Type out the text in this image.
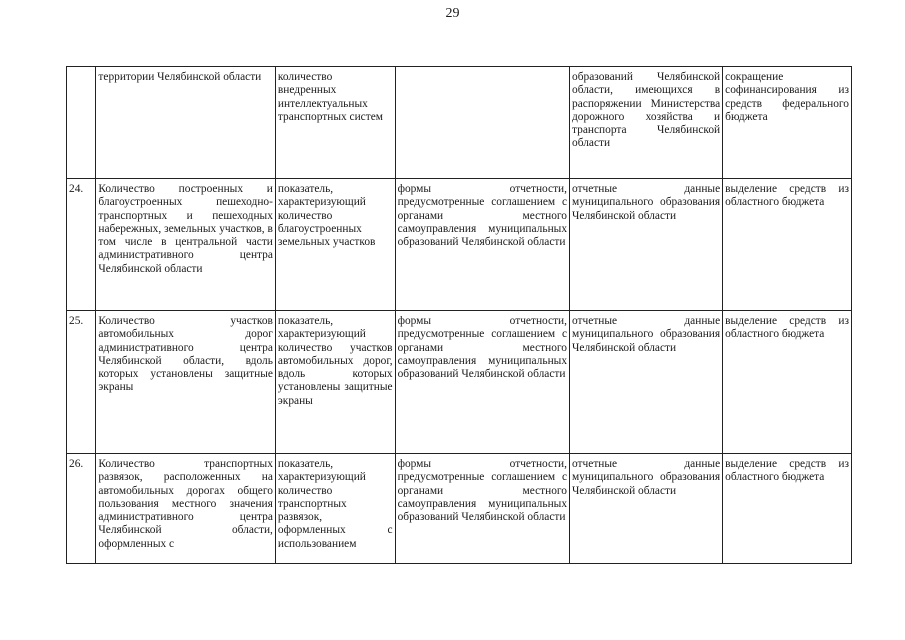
29
	территории Челябинской области	количество внедренных интеллектуальных транспортных систем		образований Челябинской области, имеющихся в распоряжении Министерства дорожного хозяйства и транспорта Челябинской области	сокращение софинансирования из средств федерального бюджета
24.	Количество построенных и благоустроенных пешеходно-транспортных и пешеходных набережных, земельных участков, в том числе в центральной части административного центра Челябинской области	показатель, характеризующий количество благоустроенных земельных участков	формы отчетности, предусмотренные соглашением с органами местного самоуправления муниципальных образований Челябинской области	отчетные данные муниципального образования Челябинской области	выделение средств из областного бюджета
25.	Количество участков автомобильных дорог административного центра Челябинской области, вдоль которых установлены защитные экраны	показатель, характеризующий количество участков автомобильных дорог, вдоль которых установлены защитные экраны	формы отчетности, предусмотренные соглашением с органами местного самоуправления муниципальных образований Челябинской области	отчетные данные муниципального образования Челябинской области	выделение средств из областного бюджета
26.	Количество транспортных развязок, расположенных на автомобильных дорогах общего пользования местного значения административного центра Челябинской области, оформленных с	показатель, характеризующий количество транспортных развязок, оформленных с использованием	формы отчетности, предусмотренные соглашением с органами местного самоуправления муниципальных образований Челябинской области	отчетные данные муниципального образования Челябинской области	выделение средств из областного бюджета
